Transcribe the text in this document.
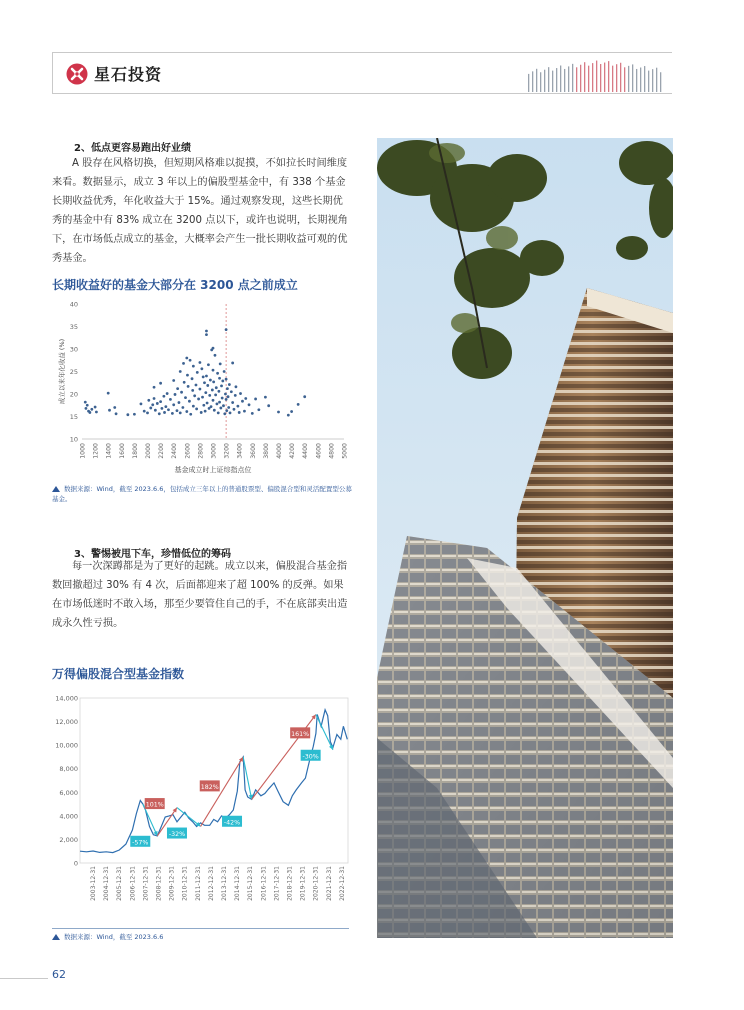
星石投资
2、低点更容易跑出好业绩

A 股存在风格切换，但短期风格难以捉摸，不如拉长时间维度来看。数据显示，成立 3 年以上的偏股型基金中，有 338 个基金长期收益优秀，年化收益大于 15%。通过观察发现，这些长期优秀的基金中有 83% 成立在 3200 点以下，或许也说明，长期视角下，在市场低点成立的基金，大概率会产生一批长期收益可观的优秀基金。

长期收益好的基金大部分在 3200 点之前成立
10
15
20
25
30
35
40
1000 1200 1400 1600 1800 2000 2200 2400 2600 2800 3000 3200 3400 3600 3800 4000 4200 4400 4600 4800 5000
基金成立时上证综指点位
成立以来年化收益 (%)
数据来源：Wind，截至 2023.6.6，包括成立三年以上的普通股票型、偏股混合型和灵活配置型公募基金。
3、警惕被甩下车，珍惜低位的筹码

每一次深蹲都是为了更好的起跳。成立以来，偏股混合基金指数回撤超过 30% 有 4 次，后面都迎来了超 100% 的反弹。如果在市场低迷时不敢入场，那至少要管住自己的手，不在底部卖出造成永久性亏损。

万得偏股混合型基金指数
0
2,000
4,000
6,000
8,000
10,000
12,000
14,000
2003-12-31 2004-12-31 2005-12-31 2006-12-31 2007-12-31 2008-12-31 2009-12-31 2010-12-31 2011-12-31 2012-12-31 2013-12-31 2014-12-31 2015-12-31 2016-12-31 2017-12-31 2018-12-31 2019-12-31 2020-12-31 2021-12-31 2022-12-31
-57%
101%
-32%
182%
-42%
161%
-30%
数据来源：Wind，截至 2023.6.6
62
